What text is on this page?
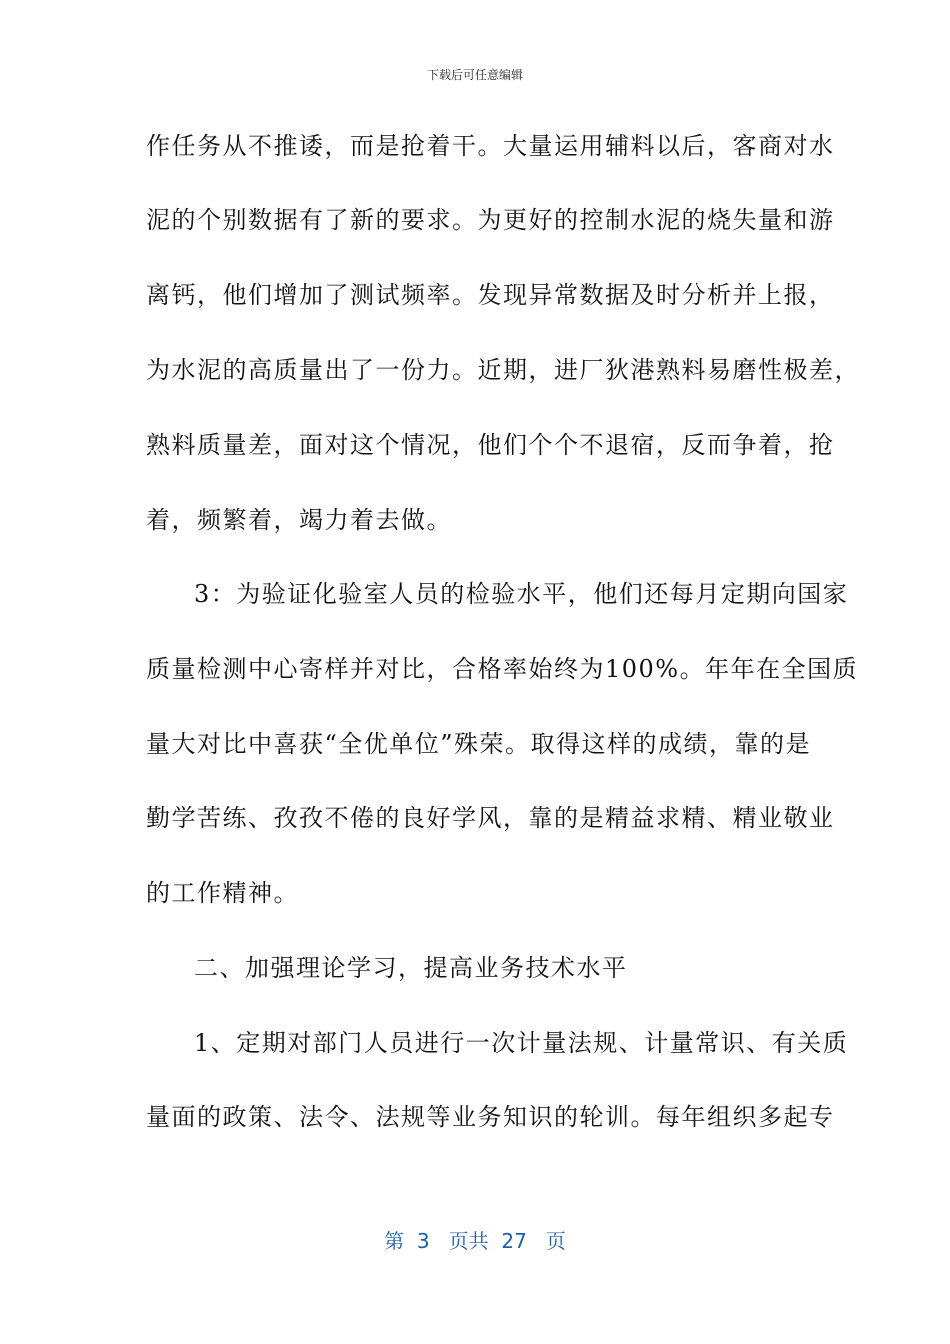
下载后可任意编辑
作任务从不推诿，而是抢着干。大量运用辅料以后，客商对水
泥的个别数据有了新的要求。为更好的控制水泥的烧失量和游
离钙，他们增加了测试频率。发现异常数据及时分析并上报，
为水泥的高质量出了一份力。近期，进厂狄港熟料易磨性极差，
熟料质量差，面对这个情况，他们个个不退宿，反而争着，抢
着，频繁着，竭力着去做。
3：为验证化验室人员的检验水平，他们还每月定期向国家
质量检测中心寄样并对比，合格率始终为100%。年年在全国质
量大对比中喜获“全优单位”殊荣。取得这样的成绩，靠的是
勤学苦练、孜孜不倦的良好学风，靠的是精益求精、精业敬业
的工作精神。
二、加强理论学习，提高业务技术水平
1、定期对部门人员进行一次计量法规、计量常识、有关质
量面的政策、法令、法规等业务知识的轮训。每年组织多起专
第 3 页共 27 页
